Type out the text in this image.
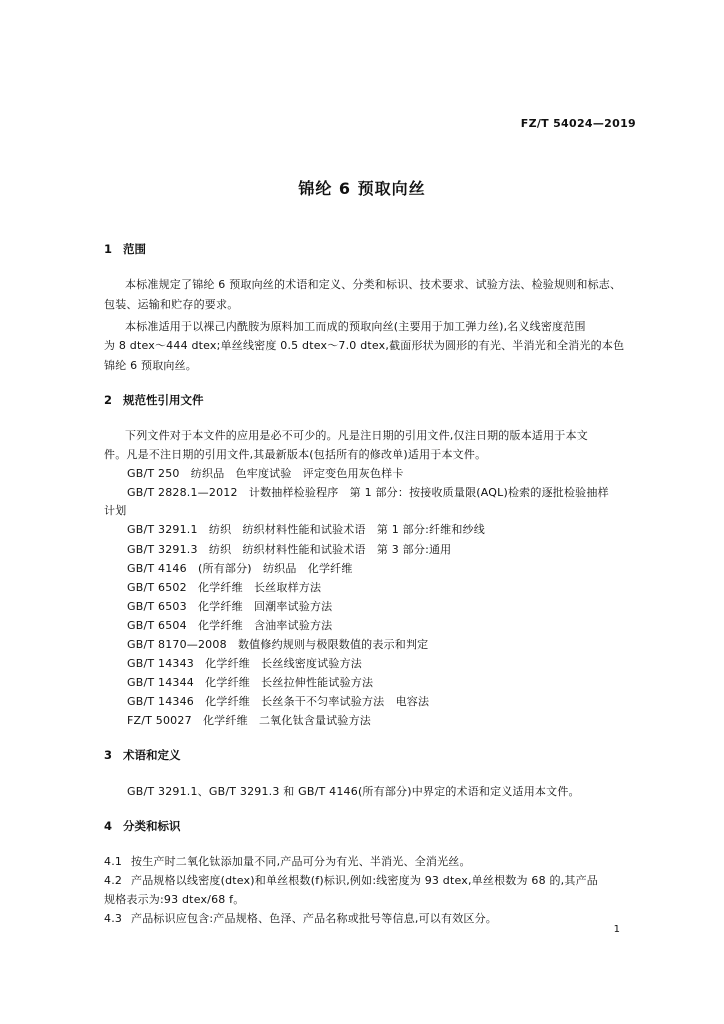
FZ/T 54024—2019
锦纶 6 预取向丝
1 范围
本标准规定了锦纶 6 预取向丝的术语和定义、分类和标识、技术要求、试验方法、检验规则和标志、
包装、运输和贮存的要求。
本标准适用于以裸己内酰胺为原料加工而成的预取向丝(主要用于加工弹力丝),名义线密度范围
为 8 dtex～444 dtex;单丝线密度 0.5 dtex～7.0 dtex,截面形状为圆形的有光、半消光和全消光的本色
锦纶 6 预取向丝。
2 规范性引用文件
下列文件对于本文件的应用是必不可少的。凡是注日期的引用文件,仅注日期的版本适用于本文
件。凡是不注日期的引用文件,其最新版本(包括所有的修改单)适用于本文件。
GB/T 250　纺织品　色牢度试验　评定变色用灰色样卡
GB/T 2828.1—2012　计数抽样检验程序　第 1 部分：按接收质量限(AQL)检索的逐批检验抽样
计划
GB/T 3291.1　纺织　纺织材料性能和试验术语　第 1 部分:纤维和纱线
GB/T 3291.3　纺织　纺织材料性能和试验术语　第 3 部分:通用
GB/T 4146　(所有部分)　纺织品　化学纤维
GB/T 6502　化学纤维　长丝取样方法
GB/T 6503　化学纤维　回潮率试验方法
GB/T 6504　化学纤维　含油率试验方法
GB/T 8170—2008　数值修约规则与极限数值的表示和判定
GB/T 14343　化学纤维　长丝线密度试验方法
GB/T 14344　化学纤维　长丝拉伸性能试验方法
GB/T 14346　化学纤维　长丝条干不匀率试验方法　电容法
FZ/T 50027　化学纤维　二氧化钛含量试验方法
3 术语和定义
GB/T 3291.1、GB/T 3291.3 和 GB/T 4146(所有部分)中界定的术语和定义适用本文件。
4 分类和标识
4.1 按生产时二氧化钛添加量不同,产品可分为有光、半消光、全消光丝。
4.2 产品规格以线密度(dtex)和单丝根数(f)标识,例如:线密度为 93 dtex,单丝根数为 68 的,其产品
规格表示为:93 dtex/68 f。
4.3 产品标识应包含:产品规格、色泽、产品名称或批号等信息,可以有效区分。
1
